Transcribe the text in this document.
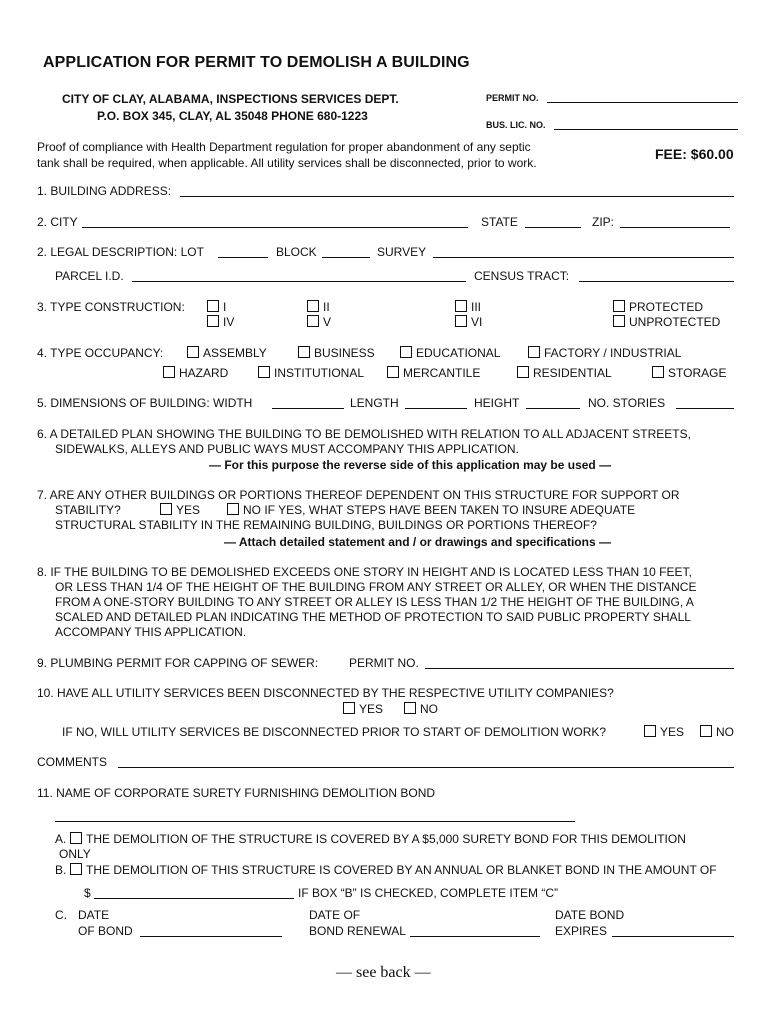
APPLICATION FOR PERMIT TO DEMOLISH A BUILDING
CITY OF CLAY, ALABAMA, INSPECTIONS SERVICES DEPT.
P.O. BOX 345, CLAY, AL 35048 PHONE 680-1223
PERMIT NO.
BUS. LIC. NO.
Proof of compliance with Health Department regulation for proper abandonment of any septic
tank shall be required, when applicable. All utility services shall be disconnected, prior to work.
FEE: $60.00
1. BUILDING ADDRESS:
2. CITY	STATE	ZIP:
2. LEGAL DESCRIPTION: LOT	BLOCK	SURVEY
PARCEL I.D.	CENSUS TRACT:
3. TYPE CONSTRUCTION:	I	II	III	PROTECTED
IV	V	VI	UNPROTECTED
4. TYPE OCCUPANCY:	ASSEMBLY	BUSINESS	EDUCATIONAL	FACTORY / INDUSTRIAL
HAZARD	INSTITUTIONAL	MERCANTILE	RESIDENTIAL	STORAGE
5. DIMENSIONS OF BUILDING: WIDTH	LENGTH	HEIGHT	NO. STORIES
6. A DETAILED PLAN SHOWING THE BUILDING TO BE DEMOLISHED WITH RELATION TO ALL ADJACENT STREETS,
SIDEWALKS, ALLEYS AND PUBLIC WAYS MUST ACCOMPANY THIS APPLICATION.
— For this purpose the reverse side of this application may be used —
7. ARE ANY OTHER BUILDINGS OR PORTIONS THEREOF DEPENDENT ON THIS STRUCTURE FOR SUPPORT OR
STABILITY?	YES	NO IF YES, WHAT STEPS HAVE BEEN TAKEN TO INSURE ADEQUATE
STRUCTURAL STABILITY IN THE REMAINING BUILDING, BUILDINGS OR PORTIONS THEREOF?
— Attach detailed statement and / or drawings and specifications —
8. IF THE BUILDING TO BE DEMOLISHED EXCEEDS ONE STORY IN HEIGHT AND IS LOCATED LESS THAN 10 FEET,
OR LESS THAN 1/4 OF THE HEIGHT OF THE BUILDING FROM ANY STREET OR ALLEY, OR WHEN THE DISTANCE
FROM A ONE-STORY BUILDING TO ANY STREET OR ALLEY IS LESS THAN 1/2 THE HEIGHT OF THE BUILDING, A
SCALED AND DETAILED PLAN INDICATING THE METHOD OF PROTECTION TO SAID PUBLIC PROPERTY SHALL
ACCOMPANY THIS APPLICATION.
9. PLUMBING PERMIT FOR CAPPING OF SEWER:	PERMIT NO.
10. HAVE ALL UTILITY SERVICES BEEN DISCONNECTED BY THE RESPECTIVE UTILITY COMPANIES?
YES	NO
IF NO, WILL UTILITY SERVICES BE DISCONNECTED PRIOR TO START OF DEMOLITION WORK?	YES	NO
COMMENTS
11. NAME OF CORPORATE SURETY FURNISHING DEMOLITION BOND
A.	THE DEMOLITION OF THE STRUCTURE IS COVERED BY A $5,000 SURETY BOND FOR THIS DEMOLITION
ONLY
B.	THE DEMOLITION OF THIS STRUCTURE IS COVERED BY AN ANNUAL OR BLANKET BOND IN THE AMOUNT OF
$	IF BOX “B” IS CHECKED, COMPLETE ITEM “C”
C. DATE
OF BOND
DATE OF
BOND RENEWAL
DATE BOND
EXPIRES
— see back —
